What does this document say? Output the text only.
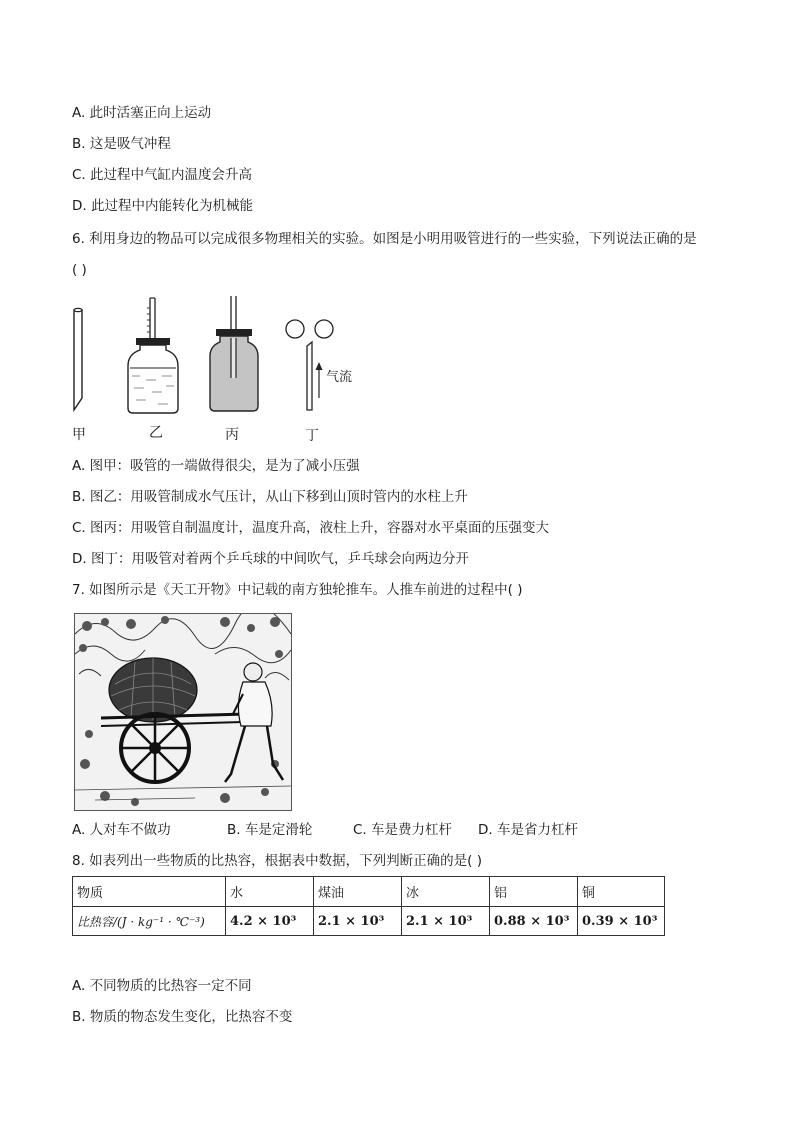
A. 此时活塞正向上运动
B. 这是吸气冲程
C. 此过程中气缸内温度会升高
D. 此过程中内能转化为机械能
6. 利用身边的物品可以完成很多物理相关的实验。如图是小明用吸管进行的一些实验，下列说法正确的是
( )
气流
甲	乙	丙	丁
A. 图甲：吸管的一端做得很尖，是为了减小压强
B. 图乙：用吸管制成水气压计，从山下移到山顶时管内的水柱上升
C. 图丙：用吸管自制温度计，温度升高，液柱上升，容器对水平桌面的压强变大
D. 图丁：用吸管对着两个乒乓球的中间吹气，乒乓球会向两边分开
7. 如图所示是《天工开物》中记载的南方独轮推车。人推车前进的过程中( )
A. 人对车不做功	B. 车是定滑轮	C. 车是费力杠杆 D. 车是省力杠杆
8. 如表列出一些物质的比热容，根据表中数据，下列判断正确的是( )
物质	水	煤油	冰	铝	铜
比热容/(J · kg⁻¹ · ℃⁻³)	4.2 × 10³	2.1 × 10³	2.1 × 10³	0.88 × 10³	0.39 × 10³
A. 不同物质的比热容一定不同
B. 物质的物态发生变化，比热容不变
